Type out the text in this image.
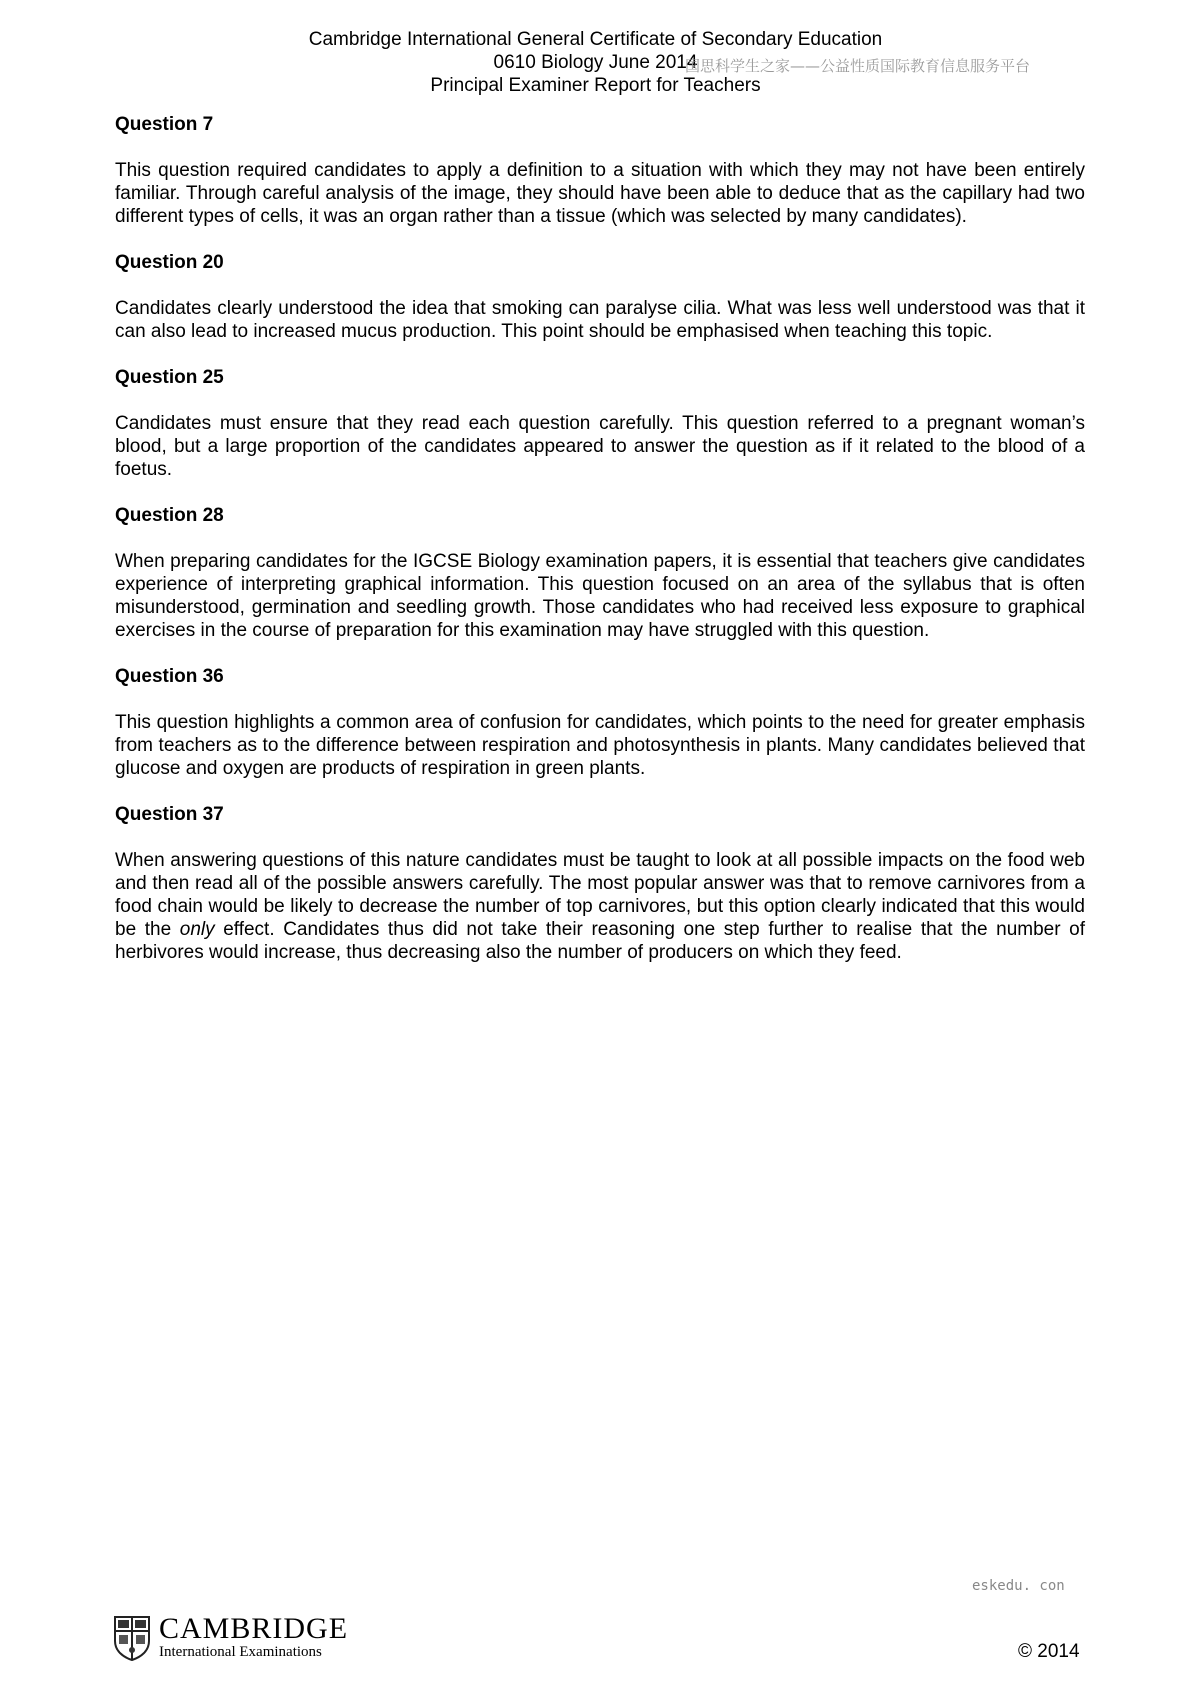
Cambridge International General Certificate of Secondary Education
0610 Biology June 2014
Principal Examiner Report for Teachers
国思科学生之家——公益性质国际教育信息服务平台

Question 7

This question required candidates to apply a definition to a situation with which they may not have been entirely familiar. Through careful analysis of the image, they should have been able to deduce that as the capillary had two different types of cells, it was an organ rather than a tissue (which was selected by many candidates).

Question 20

Candidates clearly understood the idea that smoking can paralyse cilia. What was less well understood was that it can also lead to increased mucus production. This point should be emphasised when teaching this topic.

Question 25

Candidates must ensure that they read each question carefully. This question referred to a pregnant woman’s blood, but a large proportion of the candidates appeared to answer the question as if it related to the blood of a foetus.

Question 28

When preparing candidates for the IGCSE Biology examination papers, it is essential that teachers give candidates experience of interpreting graphical information. This question focused on an area of the syllabus that is often misunderstood, germination and seedling growth. Those candidates who had received less exposure to graphical exercises in the course of preparation for this examination may have struggled with this question.

Question 36

This question highlights a common area of confusion for candidates, which points to the need for greater emphasis from teachers as to the difference between respiration and photosynthesis in plants. Many candidates believed that glucose and oxygen are products of respiration in green plants.

Question 37

When answering questions of this nature candidates must be taught to look at all possible impacts on the food web and then read all of the possible answers carefully. The most popular answer was that to remove carnivores from a food chain would be likely to decrease the number of top carnivores, but this option clearly indicated that this would be the only effect. Candidates thus did not take their reasoning one step further to realise that the number of herbivores would increase, thus decreasing also the number of producers on which they feed.

eskedu. con
CAMBRIDGE
International Examinations	© 2014
